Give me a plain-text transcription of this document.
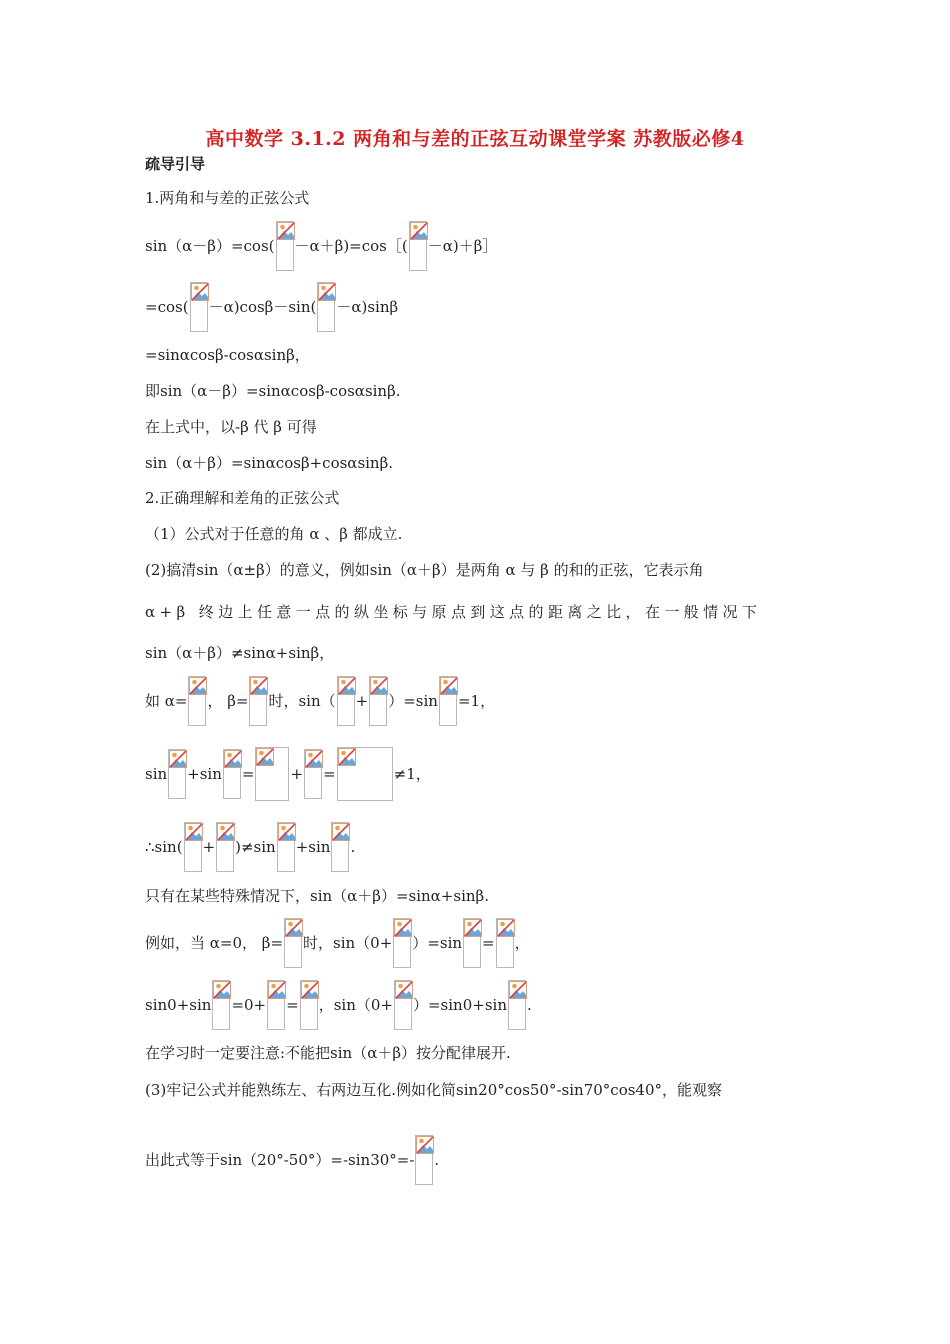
高中数学 3.1.2 两角和与差的正弦互动课堂学案 苏教版必修4
疏导引导
1.两角和与差的正弦公式
sin（α－β）=cos( －α＋β)=cos［( －α)＋β］
=cos( －α)cosβ－sin( －α)sinβ
=sinαcosβ-cosαsinβ，
即sin（α－β）=sinαcosβ-cosαsinβ.
在上式中，以-β 代 β 可得
sin（α＋β）=sinαcosβ+cosαsinβ.
2.正确理解和差角的正弦公式
（1）公式对于任意的角 α 、β 都成立.
(2)搞清sin（α±β）的意义，例如sin（α＋β）是两角 α 与 β 的和的正弦，它表示角
α+β 终边上任意一点的纵坐标与原点到这点的距离之比，在一般情况下
sin（α＋β）≠sinα+sinβ，
如 α= ， β= 时，sin（ + ）=sin =1，
sin +sin = + =	≠1，
∴sin( + )≠sin +sin .
只有在某些特殊情况下，sin（α＋β）=sinα+sinβ.
例如，当 α=0， β= 时，sin（0+ ）=sin = ，
sin0+sin =0+ = ，sin（0+ ）=sin0+sin .
在学习时一定要注意:不能把sin（α＋β）按分配律展开.
(3)牢记公式并能熟练左、右两边互化.例如化简sin20°cos50°-sin70°cos40°，能观察
出此式等于sin（20°-50°）=-sin30°=- .
